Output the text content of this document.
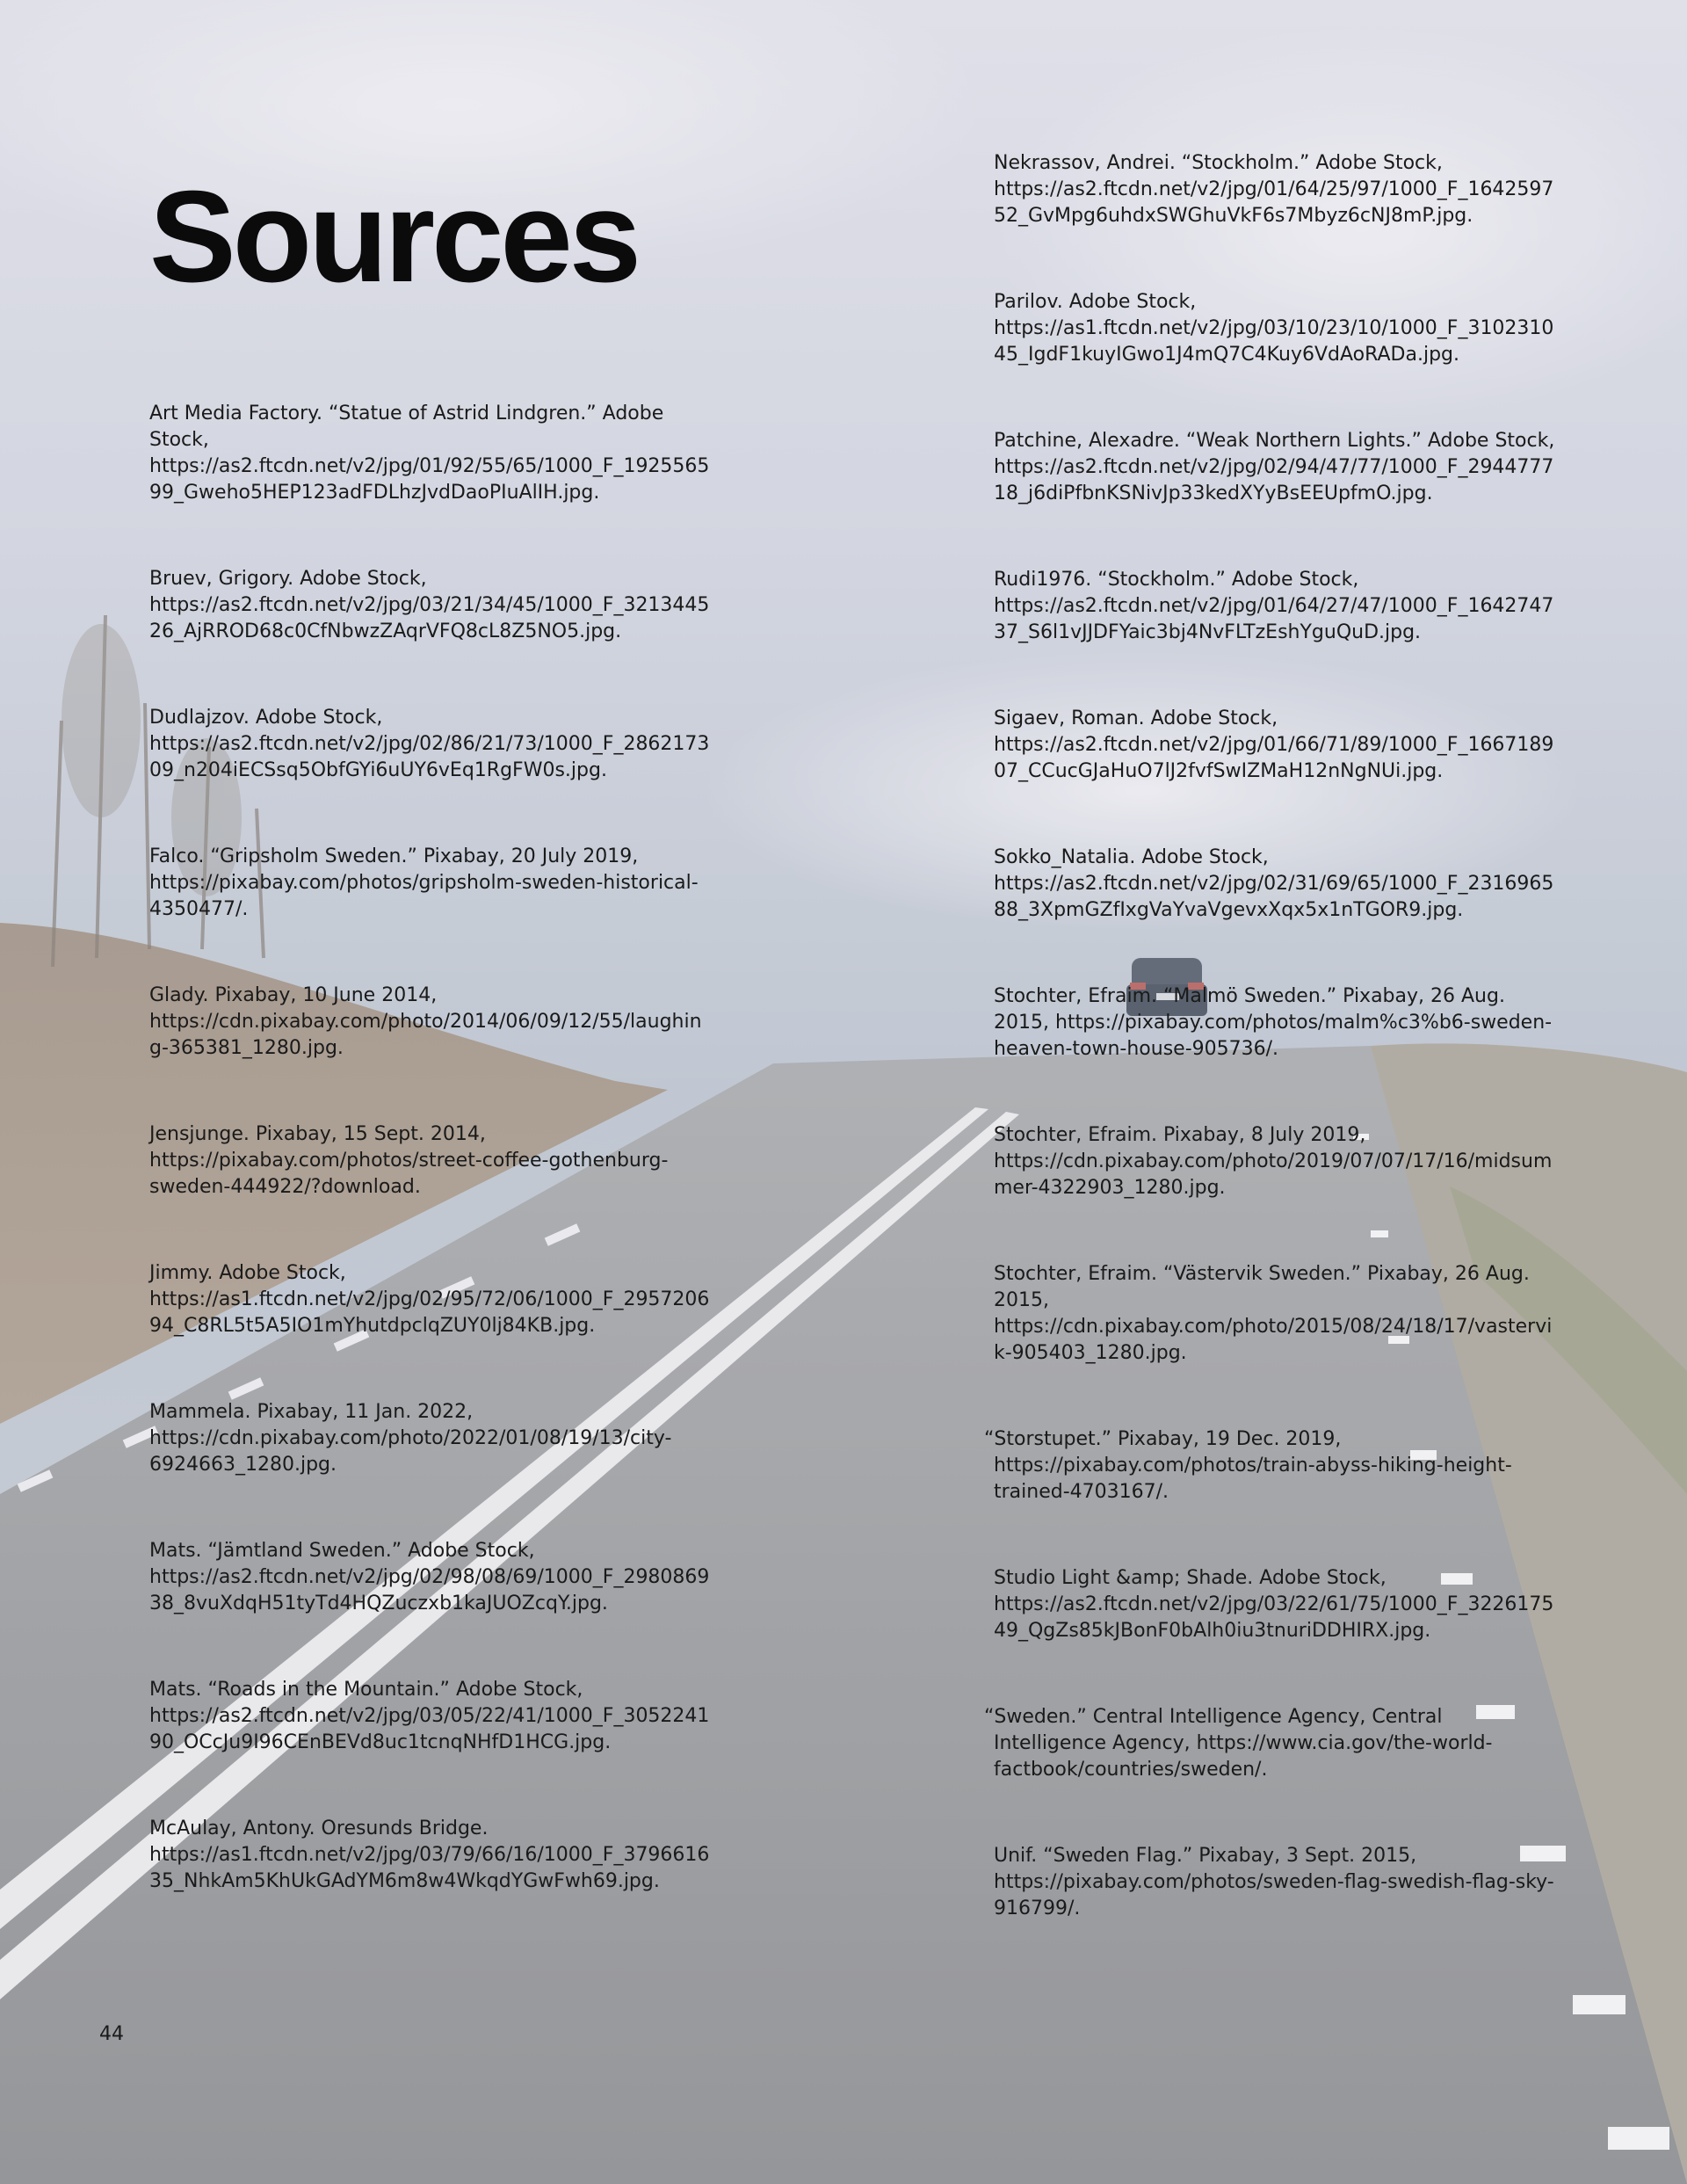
Sources

Art Media Factory. “Statue of Astrid Lindgren.” Adobe Stock, https://as2.ftcdn.net/v2/jpg/01/92/55/65/1000_F_192556599_Gweho5HEP123adFDLhzJvdDaoPIuAlIH.jpg.

Bruev, Grigory. Adobe Stock, https://as2.ftcdn.net/v2/jpg/03/21/34/45/1000_F_321344526_AjRROD68c0CfNbwzZAqrVFQ8cL8Z5NO5.jpg.

Dudlajzov. Adobe Stock, https://as2.ftcdn.net/v2/jpg/02/86/21/73/1000_F_286217309_n204iECSsq5ObfGYi6uUY6vEq1RgFW0s.jpg.

Falco. “Gripsholm Sweden.” Pixabay, 20 July 2019, https://pixabay.com/photos/gripsholm-sweden-historical-4350477/.

Glady. Pixabay, 10 June 2014, https://cdn.pixabay.com/photo/2014/06/09/12/55/laughing-365381_1280.jpg.

Jensjunge. Pixabay, 15 Sept. 2014, https://pixabay.com/photos/street-coffee-gothenburg-sweden-444922/?download.

Jimmy. Adobe Stock, https://as1.ftcdn.net/v2/jpg/02/95/72/06/1000_F_295720694_C8RL5t5A5IO1mYhutdpclqZUY0lj84KB.jpg.

Mammela. Pixabay, 11 Jan. 2022, https://cdn.pixabay.com/photo/2022/01/08/19/13/city-6924663_1280.jpg.

Mats. “Jämtland Sweden.” Adobe Stock, https://as2.ftcdn.net/v2/jpg/02/98/08/69/1000_F_298086938_8vuXdqH51tyTd4HQZuczxb1kaJUOZcqY.jpg.

Mats. “Roads in the Mountain.” Adobe Stock, https://as2.ftcdn.net/v2/jpg/03/05/22/41/1000_F_305224190_OCcJu9I96CEnBEVd8uc1tcnqNHfD1HCG.jpg.

McAulay, Antony. Oresunds Bridge. https://as1.ftcdn.net/v2/jpg/03/79/66/16/1000_F_379661635_NhkAm5KhUkGAdYM6m8w4WkqdYGwFwh69.jpg.

Nekrassov, Andrei. “Stockholm.” Adobe Stock, https://as2.ftcdn.net/v2/jpg/01/64/25/97/1000_F_164259752_GvMpg6uhdxSWGhuVkF6s7Mbyz6cNJ8mP.jpg.

Parilov. Adobe Stock, https://as1.ftcdn.net/v2/jpg/03/10/23/10/1000_F_310231045_IgdF1kuyIGwo1J4mQ7C4Kuy6VdAoRADa.jpg.

Patchine, Alexadre. “Weak Northern Lights.” Adobe Stock, https://as2.ftcdn.net/v2/jpg/02/94/47/77/1000_F_294477718_j6diPfbnKSNivJp33kedXYyBsEEUpfmO.jpg.

Rudi1976. “Stockholm.” Adobe Stock, https://as2.ftcdn.net/v2/jpg/01/64/27/47/1000_F_164274737_S6l1vJJDFYaic3bj4NvFLTzEshYguQuD.jpg.

Sigaev, Roman. Adobe Stock, https://as2.ftcdn.net/v2/jpg/01/66/71/89/1000_F_166718907_CCucGJaHuO7lJ2fvfSwIZMaH12nNgNUi.jpg.

Sokko_Natalia. Adobe Stock, https://as2.ftcdn.net/v2/jpg/02/31/69/65/1000_F_231696588_3XpmGZfIxgVaYvaVgevxXqx5x1nTGOR9.jpg.

Stochter, Efraim. “Malmö Sweden.” Pixabay, 26 Aug. 2015, https://pixabay.com/photos/malm%c3%b6-sweden-heaven-town-house-905736/.

Stochter, Efraim. Pixabay, 8 July 2019, https://cdn.pixabay.com/photo/2019/07/07/17/16/midsummer-4322903_1280.jpg.

Stochter, Efraim. “Västervik Sweden.” Pixabay, 26 Aug. 2015, https://cdn.pixabay.com/photo/2015/08/24/18/17/vastervik-905403_1280.jpg.

“Storstupet.” Pixabay, 19 Dec. 2019, https://pixabay.com/photos/train-abyss-hiking-height-trained-4703167/.

Studio Light &amp; Shade. Adobe Stock, https://as2.ftcdn.net/v2/jpg/03/22/61/75/1000_F_322617549_QgZs85kJBonF0bAlh0iu3tnuriDDHIRX.jpg.

“Sweden.” Central Intelligence Agency, Central Intelligence Agency, https://www.cia.gov/the-world-factbook/countries/sweden/.

Unif. “Sweden Flag.” Pixabay, 3 Sept. 2015, https://pixabay.com/photos/sweden-flag-swedish-flag-sky-916799/.

44
